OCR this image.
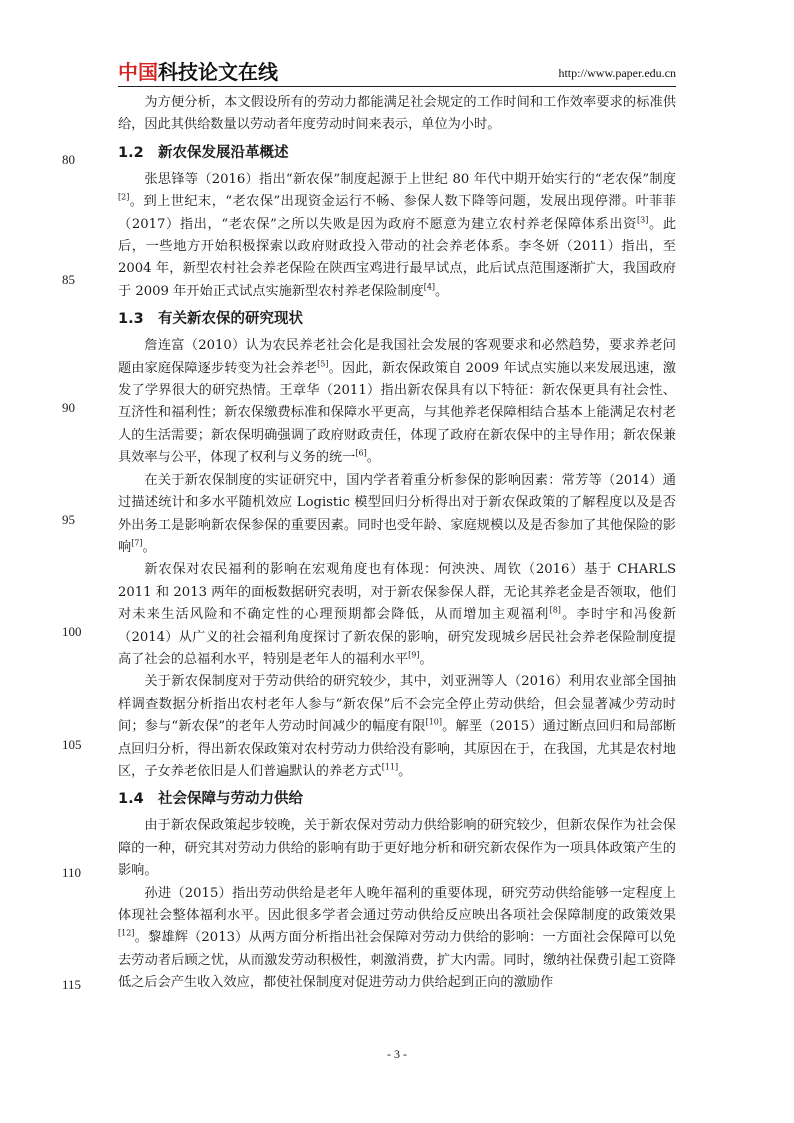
中国科技论文在线	http://www.paper.edu.cn
80
85
90
95
100
105
110
115

为方便分析，本文假设所有的劳动力都能满足社会规定的工作时间和工作效率要求的标准供给，因此其供给数量以劳动者年度劳动时间来表示，单位为小时。

1.2 新农保发展沿革概述

张思锋等（2016）指出“新农保”制度起源于上世纪 80 年代中期开始实行的“老农保”制度[2]。到上世纪末，“老农保”出现资金运行不畅、参保人数下降等问题，发展出现停滞。叶菲菲（2017）指出，“老农保”之所以失败是因为政府不愿意为建立农村养老保障体系出资[3]。此后，一些地方开始积极探索以政府财政投入带动的社会养老体系。李冬妍（2011）指出，至 2004 年，新型农村社会养老保险在陕西宝鸡进行最早试点，此后试点范围逐渐扩大，我国政府于 2009 年开始正式试点实施新型农村养老保险制度[4]。

1.3 有关新农保的研究现状

詹连富（2010）认为农民养老社会化是我国社会发展的客观要求和必然趋势，要求养老问题由家庭保障逐步转变为社会养老[5]。因此，新农保政策自 2009 年试点实施以来发展迅速，激发了学界很大的研究热情。王章华（2011）指出新农保具有以下特征：新农保更具有社会性、互济性和福利性；新农保缴费标准和保障水平更高，与其他养老保障相结合基本上能满足农村老人的生活需要；新农保明确强调了政府财政责任，体现了政府在新农保中的主导作用；新农保兼具效率与公平，体现了权利与义务的统一[6]。

在关于新农保制度的实证研究中，国内学者着重分析参保的影响因素：常芳等（2014）通过描述统计和多水平随机效应 Logistic 模型回归分析得出对于新农保政策的了解程度以及是否外出务工是影响新农保参保的重要因素。同时也受年龄、家庭规模以及是否参加了其他保险的影响[7]。

新农保对农民福利的影响在宏观角度也有体现：何泱泱、周钦（2016）基于 CHARLS 2011 和 2013 两年的面板数据研究表明，对于新农保参保人群，无论其养老金是否领取，他们对未来生活风险和不确定性的心理预期都会降低，从而增加主观福利[8]。李时宇和冯俊新（2014）从广义的社会福利角度探讨了新农保的影响，研究发现城乡居民社会养老保险制度提高了社会的总福利水平，特别是老年人的福利水平[9]。

关于新农保制度对于劳动供给的研究较少，其中，刘亚洲等人（2016）利用农业部全国抽样调查数据分析指出农村老年人参与“新农保”后不会完全停止劳动供给，但会显著减少劳动时间；参与“新农保”的老年人劳动时间减少的幅度有限[10]。解垩（2015）通过断点回归和局部断点回归分析，得出新农保政策对农村劳动力供给没有影响，其原因在于，在我国，尤其是农村地区，子女养老依旧是人们普遍默认的养老方式[11]。

1.4 社会保障与劳动力供给

由于新农保政策起步较晚，关于新农保对劳动力供给影响的研究较少，但新农保作为社会保障的一种，研究其对劳动力供给的影响有助于更好地分析和研究新农保作为一项具体政策产生的影响。

孙进（2015）指出劳动供给是老年人晚年福利的重要体现，研究劳动供给能够一定程度上体现社会整体福利水平。因此很多学者会通过劳动供给反应映出各项社会保障制度的政策效果[12]。黎雄辉（2013）从两方面分析指出社会保障对劳动力供给的影响：一方面社会保障可以免去劳动者后顾之忧，从而激发劳动积极性，刺激消费，扩大内需。同时，缴纳社保费引起工资降低之后会产生收入效应，都使社保制度对促进劳动力供给起到正向的激励作

- 3 -
